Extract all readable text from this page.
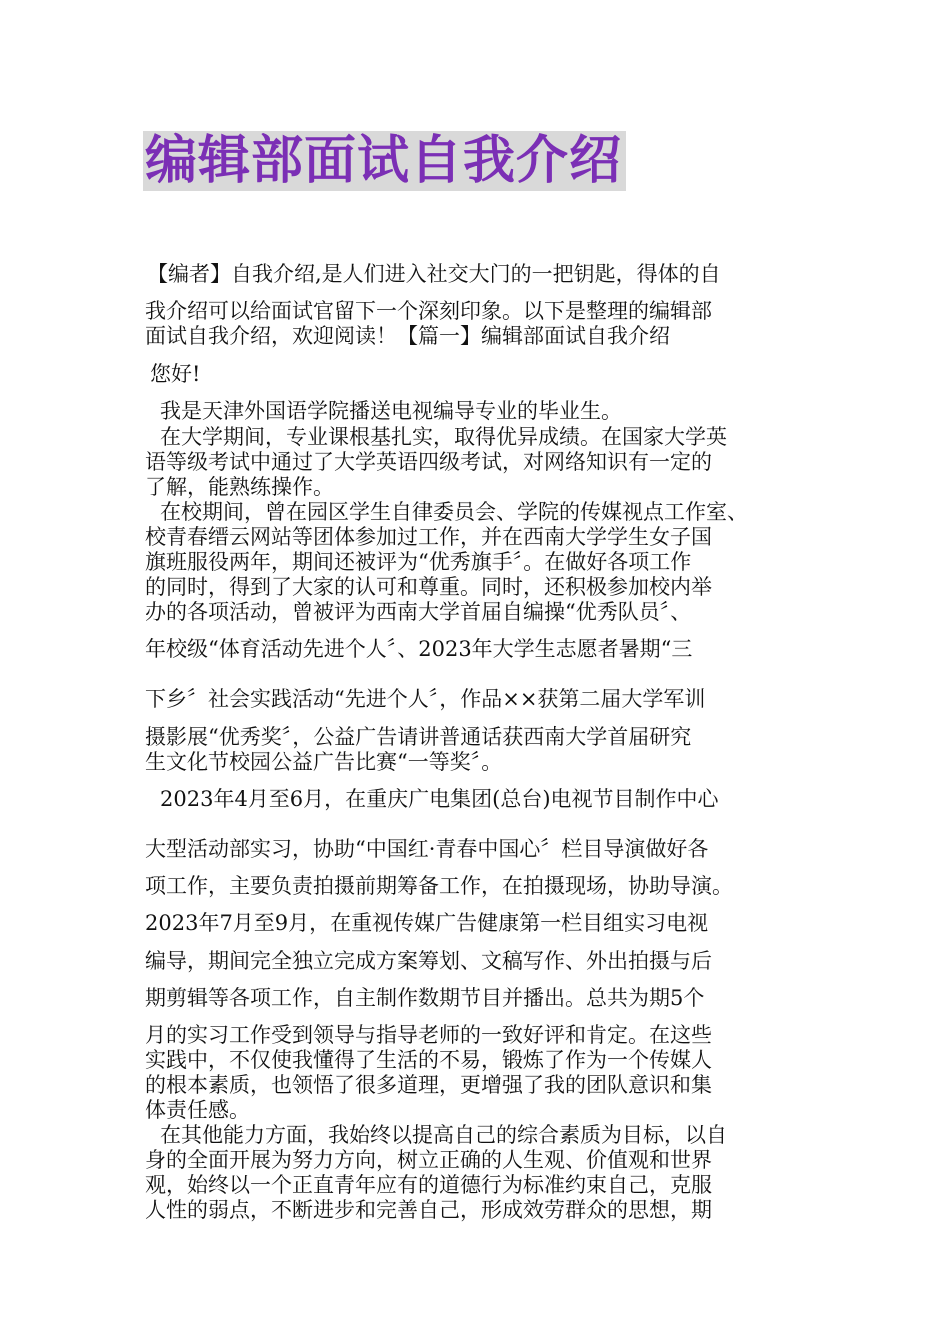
编辑部面试自我介绍
【编者】自我介绍,是人们进入社交大门的一把钥匙，得体的自
我介绍可以给面试官留下一个深刻印象。以下是整理的编辑部
面试自我介绍，欢迎阅读！【篇一】编辑部面试自我介绍
您好!
我是天津外国语学院播送电视编导专业的毕业生。
在大学期间，专业课根基扎实，取得优异成绩。在国家大学英
语等级考试中通过了大学英语四级考试，对网络知识有一定的
了解，能熟练操作。
在校期间，曾在园区学生自律委员会、学院的传媒视点工作室、
校青春缙云网站等团体参加过工作，并在西南大学学生女子国
旗班服役两年，期间还被评为“优秀旗手〞。在做好各项工作
的同时，得到了大家的认可和尊重。同时，还积极参加校内举
办的各项活动，曾被评为西南大学首届自编操“优秀队员〞、
年校级“体育活动先进个人〞、2023年大学生志愿者暑期“三
下乡〞社会实践活动“先进个人〞，作品××获第二届大学军训
摄影展“优秀奖〞，公益广告请讲普通话获西南大学首届研究
生文化节校园公益广告比赛“一等奖〞。
2023年4月至6月，在重庆广电集团(总台)电视节目制作中心
大型活动部实习，协助“中国红·青春中国心〞栏目导演做好各
项工作，主要负责拍摄前期筹备工作，在拍摄现场，协助导演。
2023年7月至9月，在重视传媒广告健康第一栏目组实习电视
编导，期间完全独立完成方案筹划、文稿写作、外出拍摄与后
期剪辑等各项工作，自主制作数期节目并播出。总共为期5个
月的实习工作受到领导与指导老师的一致好评和肯定。在这些
实践中，不仅使我懂得了生活的不易，锻炼了作为一个传媒人
的根本素质，也领悟了很多道理，更增强了我的团队意识和集
体责任感。
在其他能力方面，我始终以提高自己的综合素质为目标，以自
身的全面开展为努力方向，树立正确的人生观、价值观和世界
观，始终以一个正直青年应有的道德行为标准约束自己，克服
人性的弱点，不断进步和完善自己，形成效劳群众的思想，期
